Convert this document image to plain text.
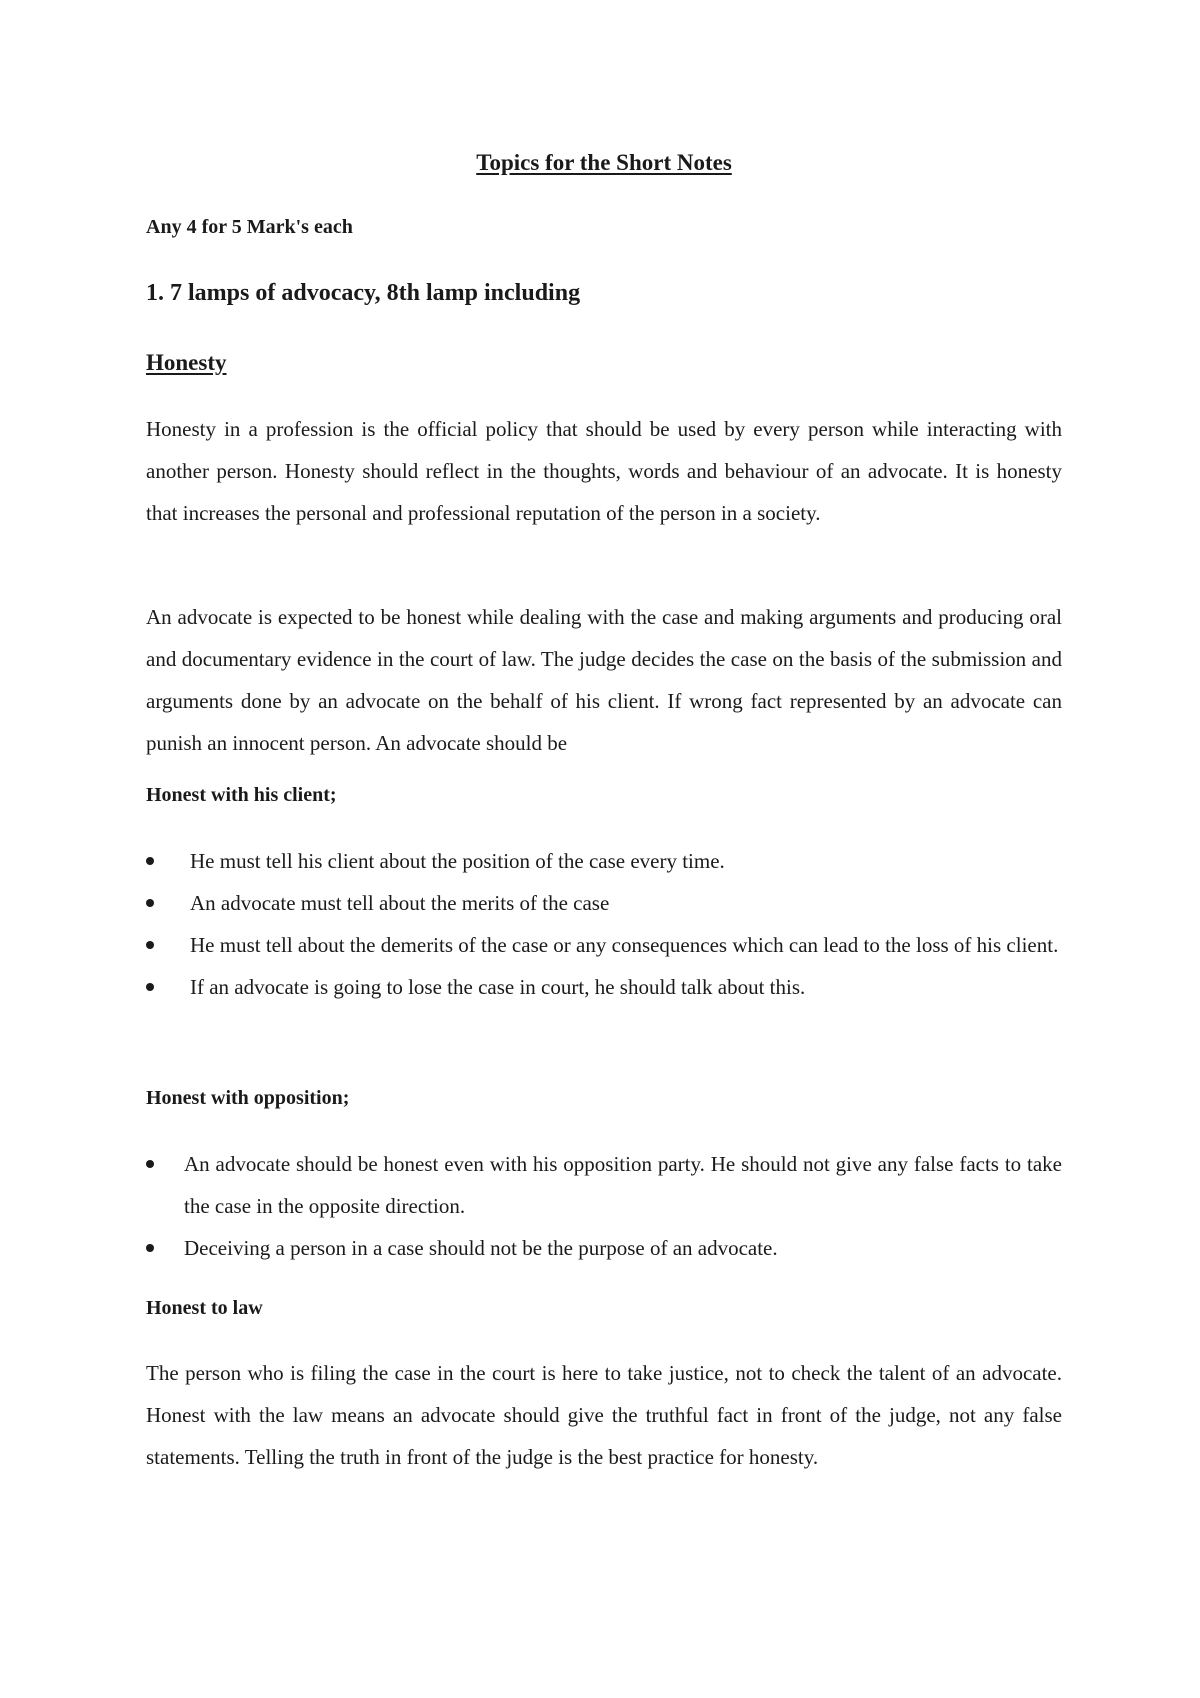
Topics for the Short Notes
Any 4 for 5 Mark's each
1. 7 lamps of advocacy, 8th lamp including
Honesty

Honesty in a profession is the official policy that should be used by every person while interacting with another person. Honesty should reflect in the thoughts, words and behaviour of an advocate. It is honesty that increases the personal and professional reputation of the person in a society.

An advocate is expected to be honest while dealing with the case and making arguments and producing oral and documentary evidence in the court of law. The judge decides the case on the basis of the submission and arguments done by an advocate on the behalf of his client. If wrong fact represented by an advocate can punish an innocent person. An advocate should be

Honest with his client;
He must tell his client about the position of the case every time.
An advocate must tell about the merits of the case
He must tell about the demerits of the case or any consequences which can lead to the loss of his client.
If an advocate is going to lose the case in court, he should talk about this.
Honest with opposition;
An advocate should be honest even with his opposition party. He should not give any false facts to take the case in the opposite direction.
Deceiving a person in a case should not be the purpose of an advocate.
Honest to law

The person who is filing the case in the court is here to take justice, not to check the talent of an advocate. Honest with the law means an advocate should give the truthful fact in front of the judge, not any false statements. Telling the truth in front of the judge is the best practice for honesty.
